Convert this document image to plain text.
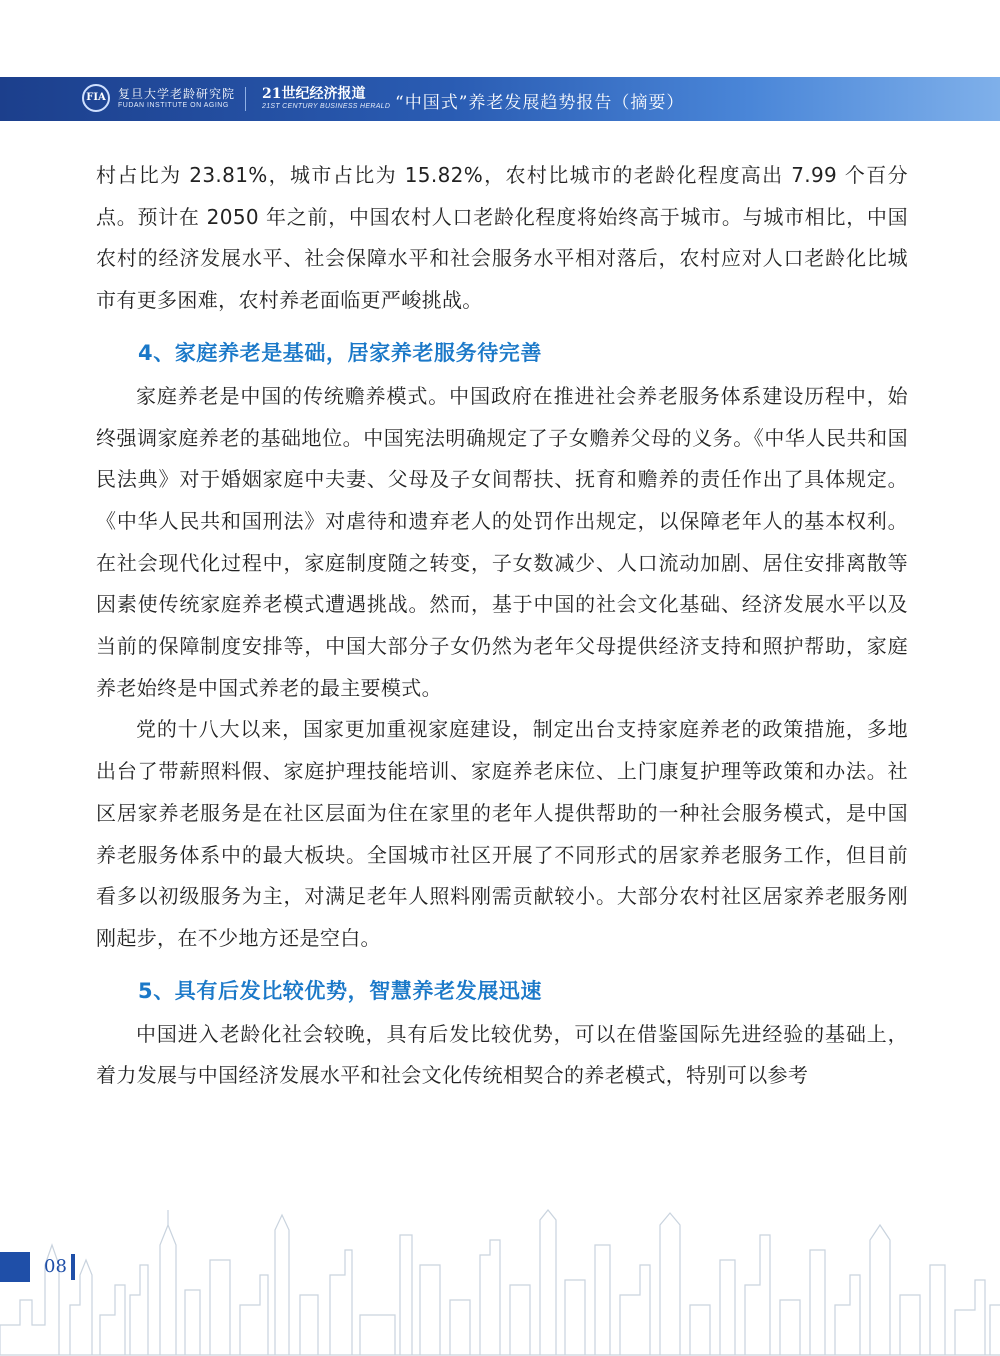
FIA	复旦大学老龄研究院
FUDAN INSTITUTE ON AGING
21世纪经济报道
21ST CENTURY BUSINESS HERALD “中国式”养老发展趋势报告（摘要）

村占比为 23.81%，城市占比为 15.82%，农村比城市的老龄化程度高出 7.99 个百分点。预计在 2050 年之前，中国农村人口老龄化程度将始终高于城市。与城市相比，中国农村的经济发展水平、社会保障水平和社会服务水平相对落后，农村应对人口老龄化比城市有更多困难，农村养老面临更严峻挑战。

4、家庭养老是基础，居家养老服务待完善

家庭养老是中国的传统赡养模式。中国政府在推进社会养老服务体系建设历程中，始终强调家庭养老的基础地位。中国宪法明确规定了子女赡养父母的义务。《中华人民共和国民法典》对于婚姻家庭中夫妻、父母及子女间帮扶、抚育和赡养的责任作出了具体规定。《中华人民共和国刑法》对虐待和遗弃老人的处罚作出规定，以保障老年人的基本权利。在社会现代化过程中，家庭制度随之转变，子女数减少、人口流动加剧、居住安排离散等因素使传统家庭养老模式遭遇挑战。然而，基于中国的社会文化基础、经济发展水平以及当前的保障制度安排等，中国大部分子女仍然为老年父母提供经济支持和照护帮助，家庭养老始终是中国式养老的最主要模式。

党的十八大以来，国家更加重视家庭建设，制定出台支持家庭养老的政策措施，多地出台了带薪照料假、家庭护理技能培训、家庭养老床位、上门康复护理等政策和办法。社区居家养老服务是在社区层面为住在家里的老年人提供帮助的一种社会服务模式，是中国养老服务体系中的最大板块。全国城市社区开展了不同形式的居家养老服务工作，但目前看多以初级服务为主，对满足老年人照料刚需贡献较小。大部分农村社区居家养老服务刚刚起步，在不少地方还是空白。

5、具有后发比较优势，智慧养老发展迅速

中国进入老龄化社会较晚，具有后发比较优势，可以在借鉴国际先进经验的基础上，着力发展与中国经济发展水平和社会文化传统相契合的养老模式，特别可以参考

08
